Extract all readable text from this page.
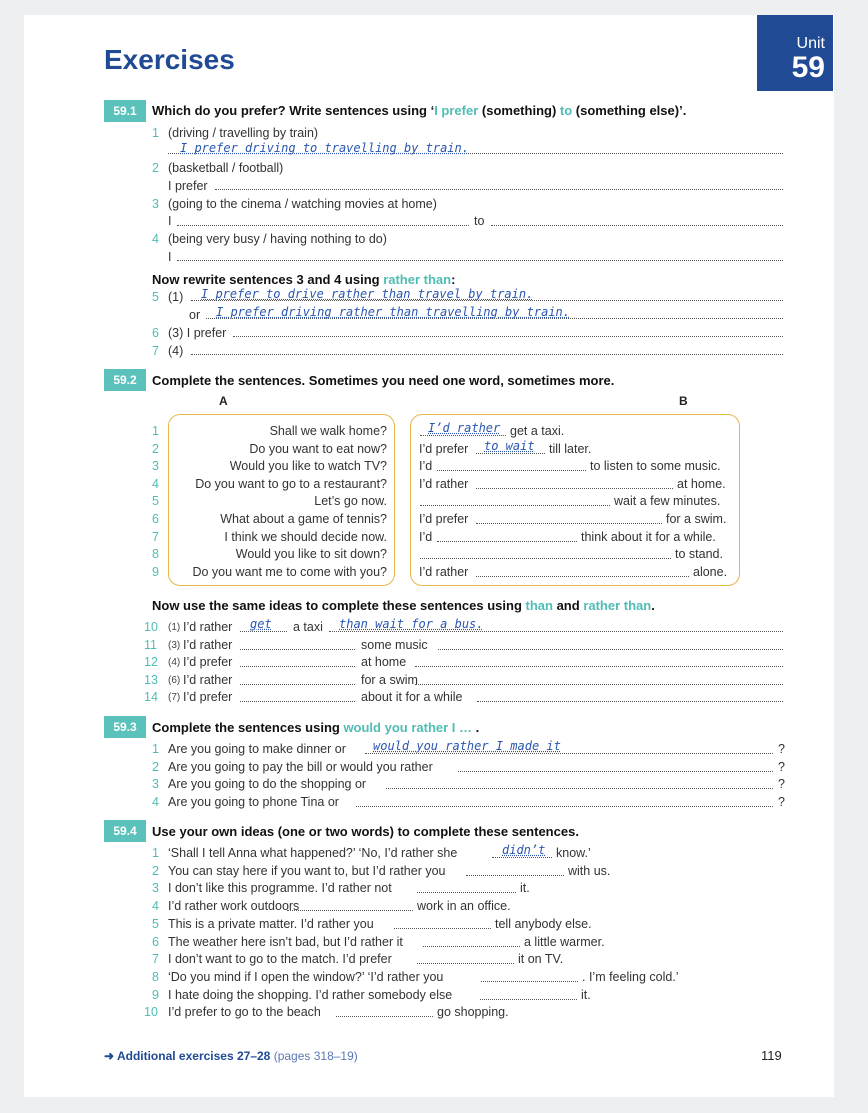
Unit
59
Exercises
59.1	Which do you prefer? Write sentences using ‘I prefer (something) to (something else)’.
1 (driving / travelling by train)
I prefer driving to travelling by train.
2 (basketball / football)
I prefer
3 (going to the cinema / watching movies at home)
I	to
4 (being very busy / having nothing to do)
I
Now rewrite sentences 3 and 4 using rather than:
5 (1) I prefer to drive rather than travel by train.
or I prefer driving rather than travelling by train.
6 (3) I prefer
7 (4)
59.2	Complete the sentences. Sometimes you need one word, sometimes more.
A	B
1	Shall we walk home?	I’d rather get a taxi.
2	Do you want to eat now?	I’d prefer to wait till later.
3	Would you like to watch TV?	I’d	to listen to some music.
4	Do you want to go to a restaurant?	I’d rather	at home.
5	Let’s go now.	wait a few minutes.
6	What about a game of tennis?	I’d prefer	for a swim.
7	I think we should decide now.	I’d	think about it for a while.
8	Would you like to sit down?	to stand.
9	Do you want me to come with you?	I’d rather	alone.
Now use the same ideas to complete these sentences using than and rather than.
10 (1) I’d rather get a taxi than wait for a bus.
11 (3) I’d rather	some music
12 (4) I’d prefer	at home
13 (6) I’d rather	for a swim
14 (7) I’d prefer	about it for a while
59.3	Complete the sentences using would you rather I … .
1 Are you going to make dinner or would you rather I made it	?
2 Are you going to pay the bill or would you rather	?
3 Are you going to do the shopping or	?
4 Are you going to phone Tina or	?
59.4	Use your own ideas (one or two words) to complete these sentences.
1 ‘Shall I tell Anna what happened?’ ‘No, I’d rather she	didn’t know.’
2 You can stay here if you want to, but I’d rather you	with us.
3 I don’t like this programme. I’d rather not	it.
4 I’d rather work outdoors	work in an office.
5 This is a private matter. I’d rather you	tell anybody else.
6 The weather here isn’t bad, but I’d rather it	a little warmer.
7 I don’t want to go to the match. I’d prefer	it on TV.
8 ‘Do you mind if I open the window?’ ‘I’d rather you	. I’m feeling cold.’
9 I hate doing the shopping. I’d rather somebody else	it.
10 I’d prefer to go to the beach	go shopping.
➜ Additional exercises 27–28 (pages 318–19)	119
